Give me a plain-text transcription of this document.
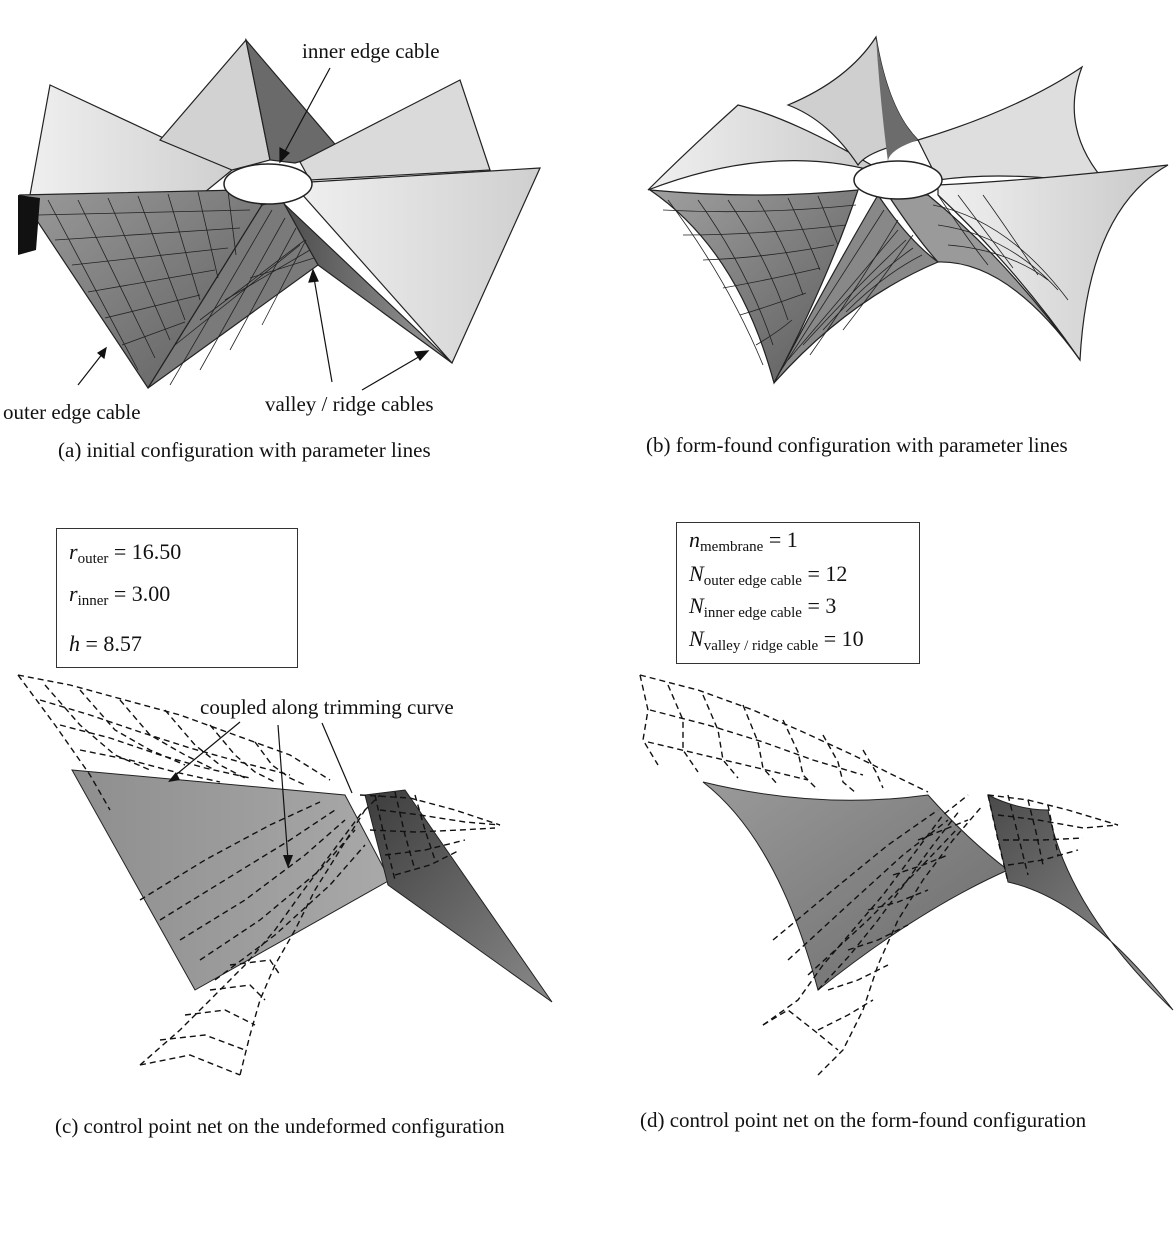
inner edge cable
outer edge cable	valley / ridge cables
(a) initial configuration with parameter lines	(b) form-found configuration with parameter lines
$r_{outer} = 16.50$
$r_{inner} = 3.00$
h = 8.57
coupled along trimming curve
(c) control point net on the undeformed configuration
$n_{membrane} = 1$
$N_{outer edge cable} = 12$
$N_{inner edge cable} = 3$
$N_{valley / ridge cable} = 10$
(d) control point net on the form-found configuration
